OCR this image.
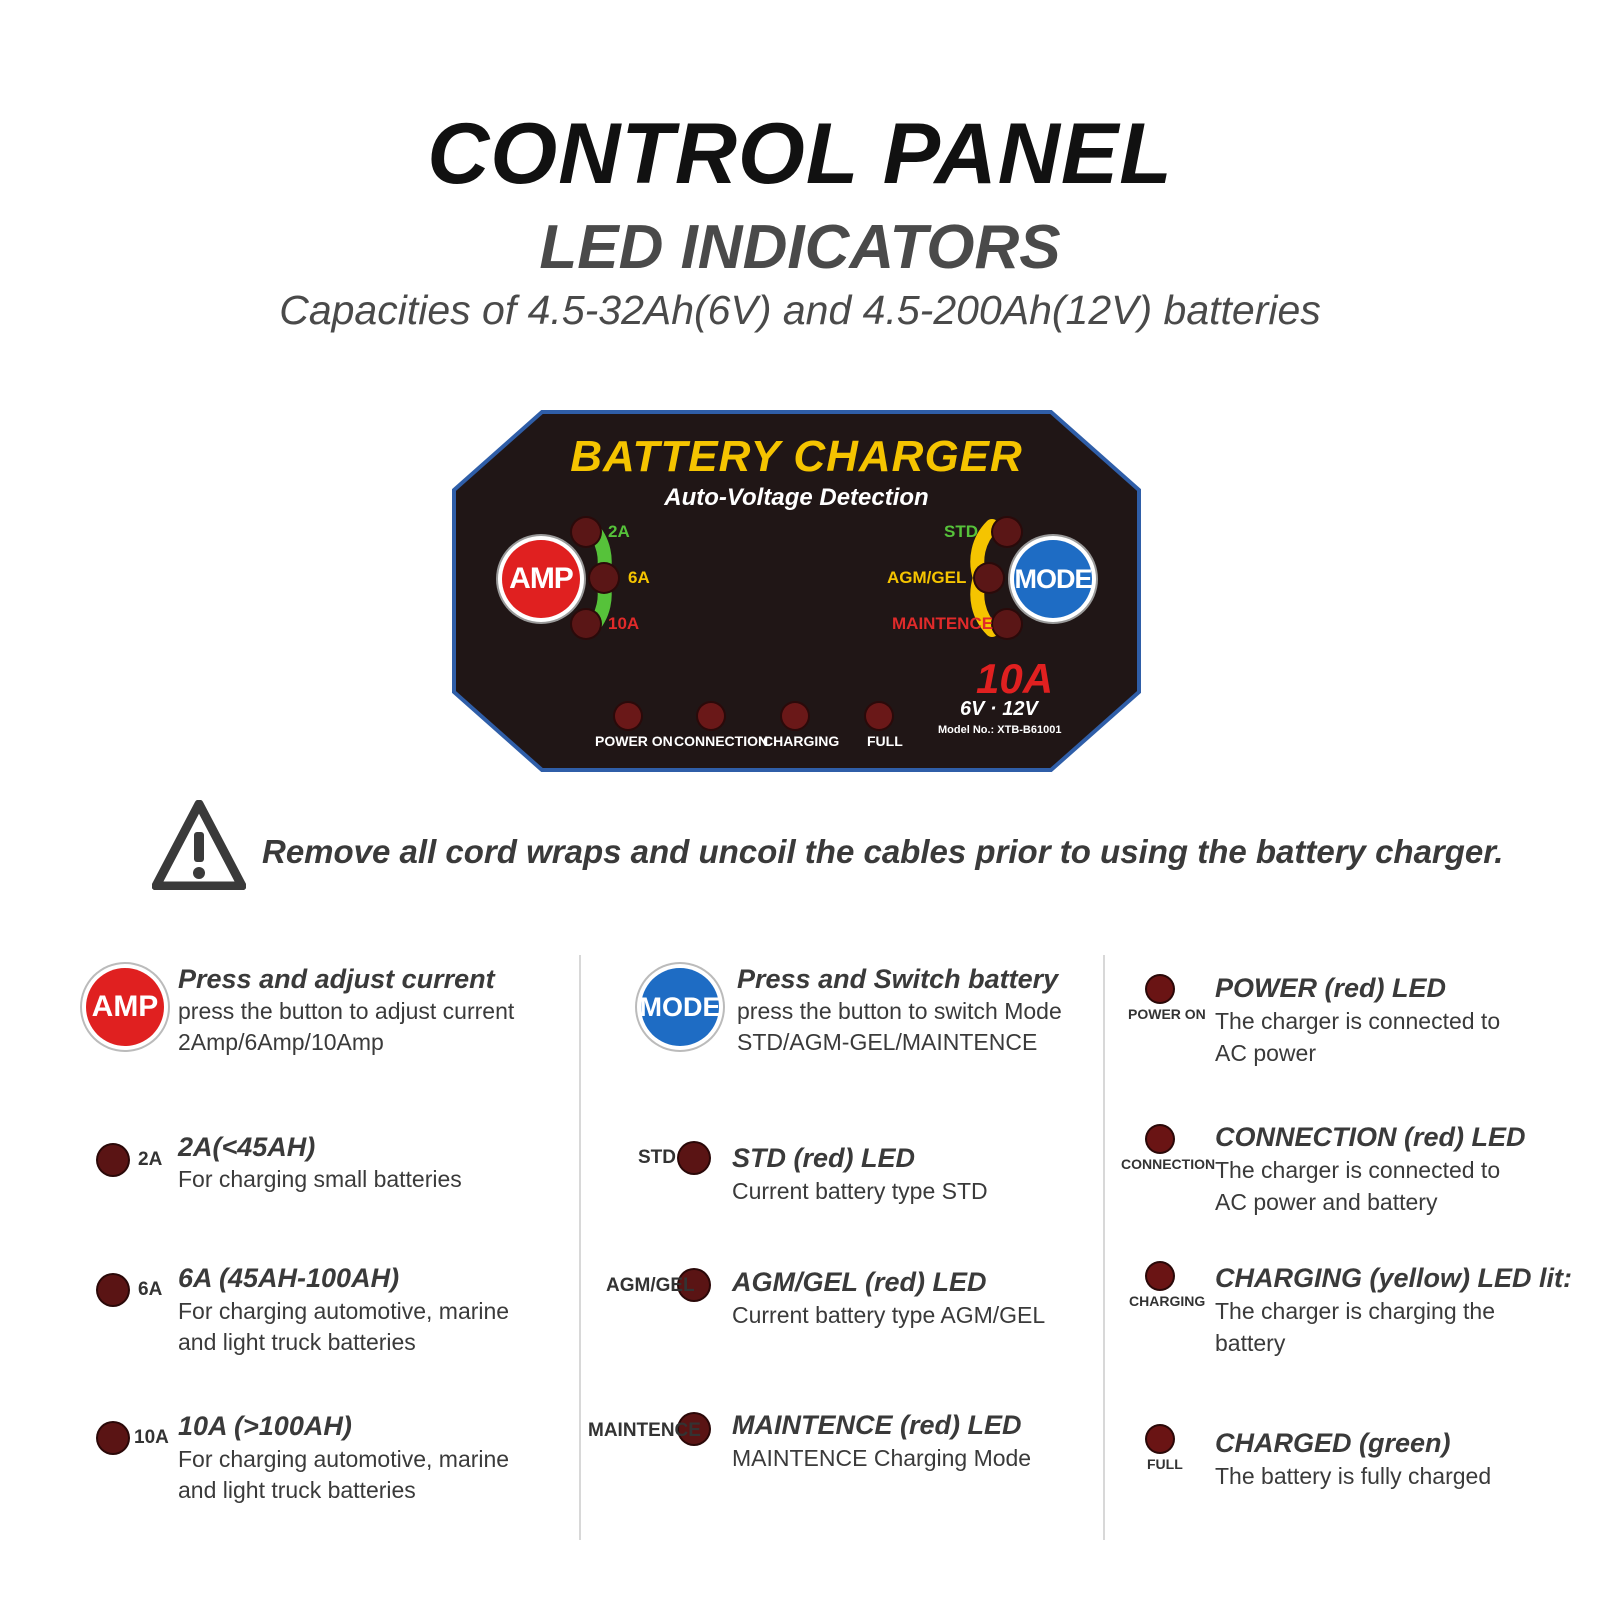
CONTROL PANEL
LED INDICATORS
Capacities of 4.5-32Ah(6V) and 4.5-200Ah(12V) batteries
BATTERY CHARGER
Auto-Voltage Detection
AMP	MODE
2A
6A
10A
STD
AGM/GEL
MAINTENCE
POWER ON CONNECTION
CHARGING FULL
10A
6V · 12V
Model No.: XTB-B61001
Remove all cord wraps and uncoil the cables prior to using the battery charger.
AMP
Press and adjust current
press the button to adjust current
2Amp/6Amp/10Amp
2A 2A(<45AH)
For charging small batteries
6A 6A (45AH-100AH)
For charging automotive, marine
and light truck batteries
10A 10A (>100AH)
For charging automotive, marine
and light truck batteries
MODE
Press and Switch battery
press the button to switch Mode
STD/AGM-GEL/MAINTENCE
STD STD (red) LED
Current battery type STD
AGM/GEL AGM/GEL (red) LED
Current battery type AGM/GEL
MAINTENCE MAINTENCE (red) LED
MAINTENCE Charging Mode
POWER ON
POWER (red) LED
The charger is connected to
AC power
CONNECTION
CONNECTION (red) LED
The charger is connected to
AC power and battery
CHARGING
CHARGING (yellow) LED lit:
The charger is charging the
battery
FULL
CHARGED (green)
The battery is fully charged
